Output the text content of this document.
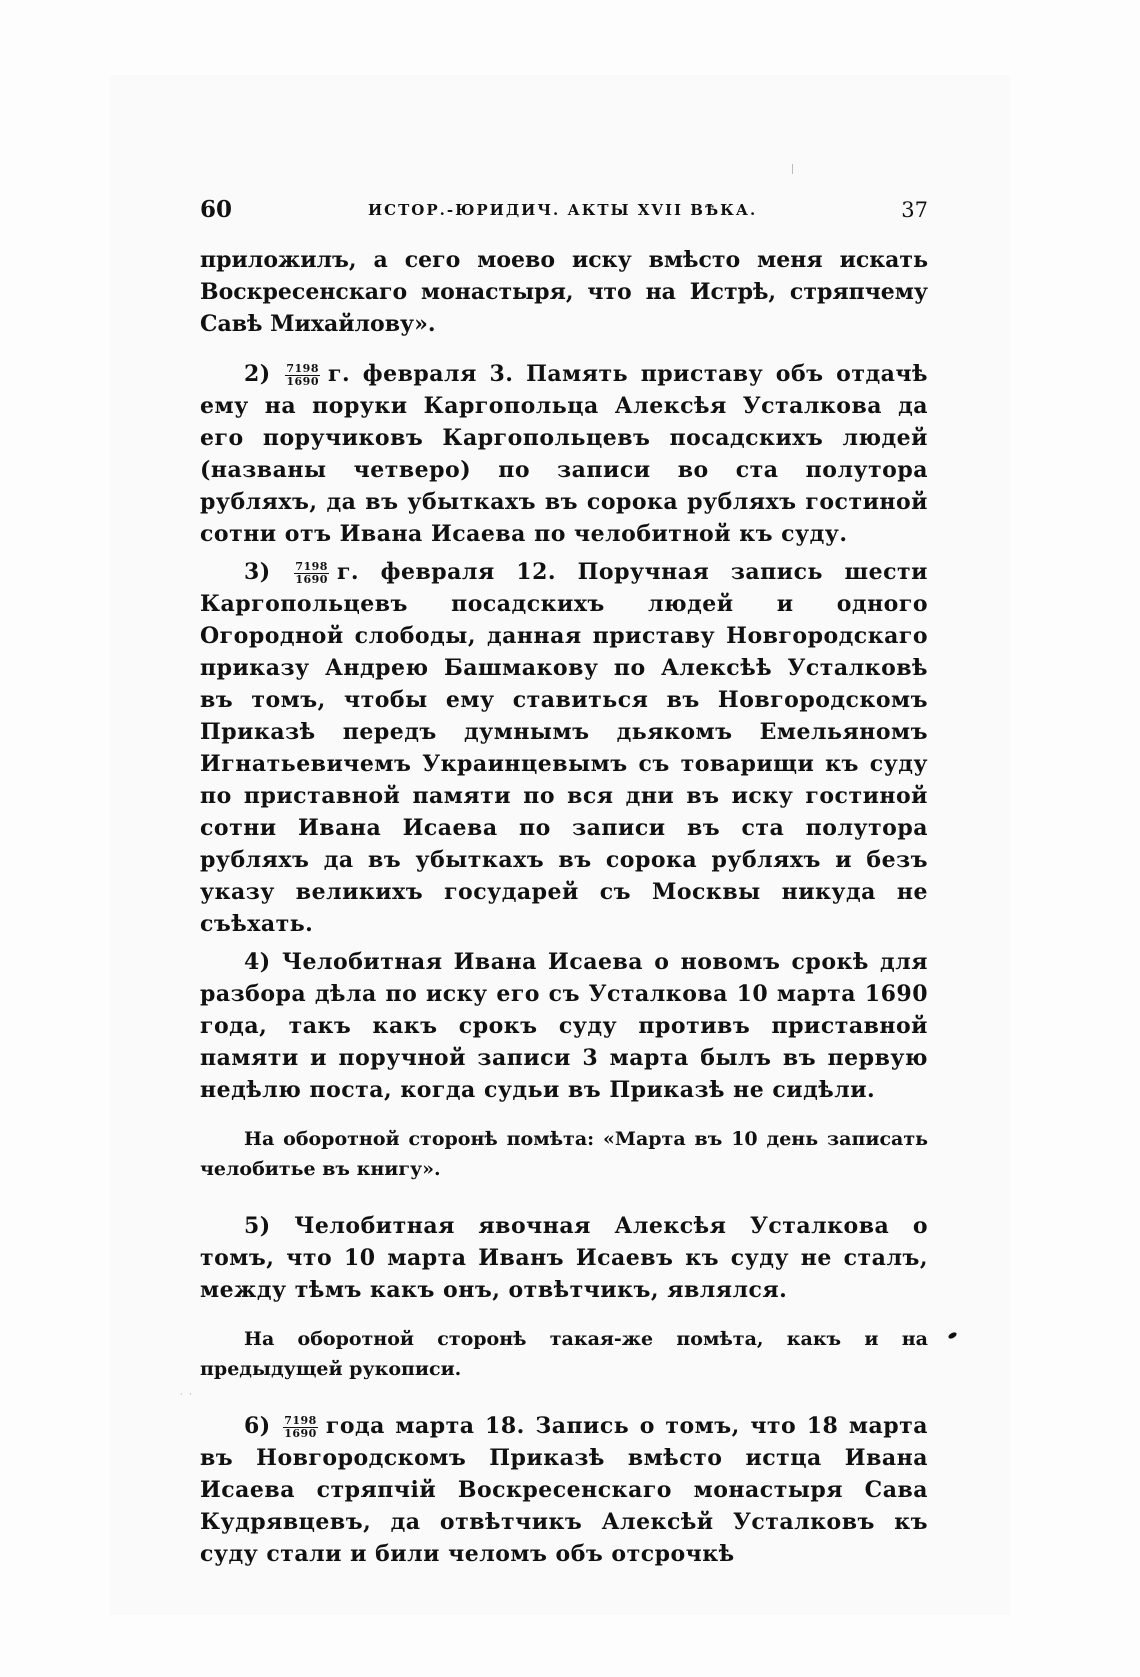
60	ИСТОР.-ЮРИДИЧ. АКТЫ XVII ВѢКА.	37

приложилъ, а сего моево иску вмѣсто меня искать Воскресенскаго монастыря, что на Истрѣ, стряпчему Савѣ Михайлову».

$2) \frac{7198}{1690} г$. февраля 3. Память приставу объ отдачѣ ему на поруки Каргопольца Алексѣя Усталкова да его поручиковъ Каргопольцевъ посадскихъ людей (названы четверо) по записи во ста полутора рубляхъ, да въ убыткахъ въ сорока рубляхъ гостиной сотни отъ Ивана Исаева по челобитной къ суду.

$3) \frac{7198}{1690} г$. февраля 12. Поручная запись шести Каргопольцевъ посадскихъ людей и одного Огородной слободы, данная приставу Новгородскаго приказу Андрею Башмакову по Алексѣѣ Усталковѣ въ томъ, чтобы ему ставиться въ Новгородскомъ Приказѣ передъ думнымъ дьякомъ Емельяномъ Игнатьевичемъ Украинцевымъ съ товарищи къ суду по приставной памяти по вся дни въ иску гостиной сотни Ивана Исаева по записи въ ста полутора рубляхъ да въ убыткахъ въ сорока рубляхъ и безъ указу великихъ государей съ Москвы никуда не съѣхать.

4) Челобитная Ивана Исаева о новомъ срокѣ для разбора дѣла по иску его съ Усталкова 10 марта 1690 года, такъ какъ срокъ суду противъ приставной памяти и поручной записи 3 марта былъ въ первую недѣлю поста, когда судьи въ Приказѣ не сидѣли.

На оборотной сторонѣ помѣта: «Марта въ 10 день записать челобитье въ книгу».

5) Челобитная явочная Алексѣя Усталкова о томъ, что 10 марта Иванъ Исаевъ къ суду не сталъ, между тѣмъ какъ онъ, отвѣтчикъ, являлся.

На оборотной сторонѣ такая-же помѣта, какъ и на предыдущей рукописи.

$6) \frac{7198}{1690}$ года марта 18. Запись о томъ, что 18 марта въ Новгородскомъ Приказѣ вмѣсто истца Ивана Исаева стряпчій Воскресенскаго монастыря Сава Кудрявцевъ, да отвѣтчикъ Алексѣй Усталковъ къ суду стали и били челомъ объ отсрочкѣ

· ·
